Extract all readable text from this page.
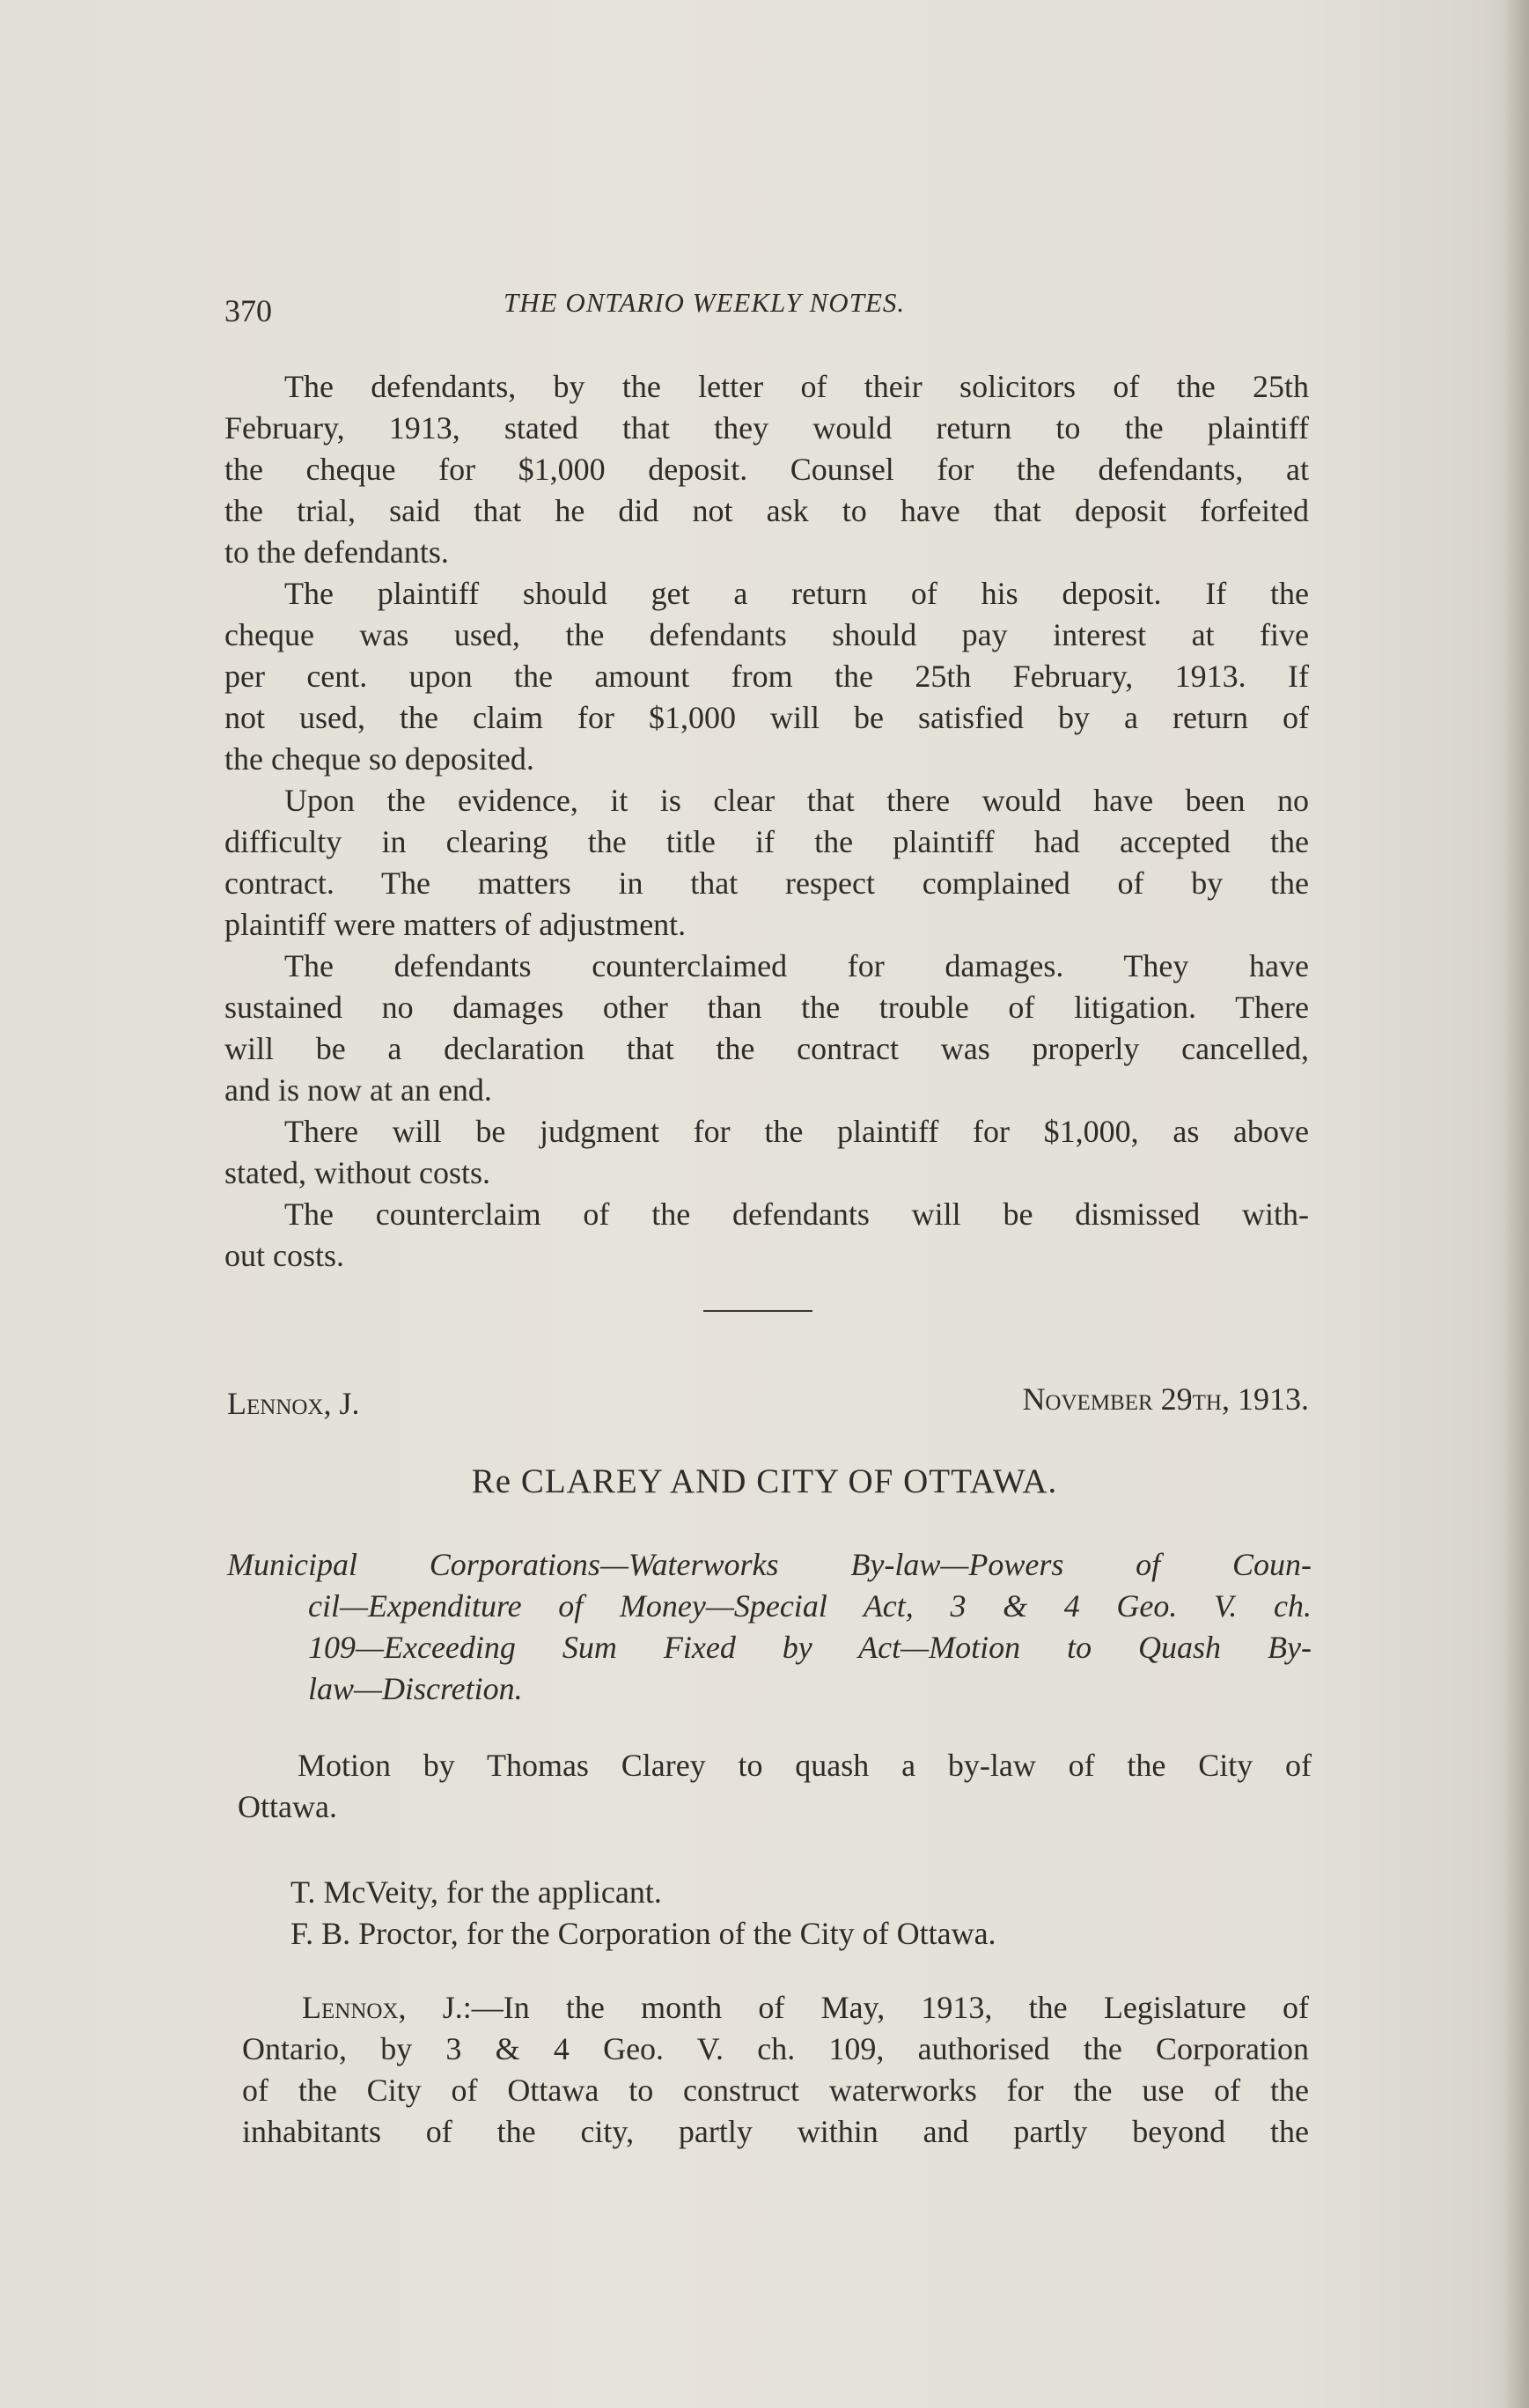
370	THE ONTARIO WEEKLY NOTES.
The defendants, by the letter of their solicitors of the 25th
February, 1913, stated that they would return to the plaintiff
the cheque for $1,000 deposit. Counsel for the defendants, at
the trial, said that he did not ask to have that deposit forfeited
to the defendants.
The plaintiff should get a return of his deposit. If the
cheque was used, the defendants should pay interest at five
per cent. upon the amount from the 25th February, 1913. If
not used, the claim for $1,000 will be satisfied by a return of
the cheque so deposited.
Upon the evidence, it is clear that there would have been no
difficulty in clearing the title if the plaintiff had accepted the
contract. The matters in that respect complained of by the
plaintiff were matters of adjustment.
The defendants counterclaimed for damages. They have
sustained no damages other than the trouble of litigation. There
will be a declaration that the contract was properly cancelled,
and is now at an end.
There will be judgment for the plaintiff for $1,000, as above
stated, without costs.
The counterclaim of the defendants will be dismissed with-
out costs.
Lennox, J.	November 29th, 1913.
Re CLAREY AND CITY OF OTTAWA.
Municipal Corporations—Waterworks By-law—Powers of Coun-
cil—Expenditure of Money—Special Act, 3 & 4 Geo. V. ch.
109—Exceeding Sum Fixed by Act—Motion to Quash By-
law—Discretion.
Motion by Thomas Clarey to quash a by-law of the City of
Ottawa.
T. McVeity, for the applicant.
F. B. Proctor, for the Corporation of the City of Ottawa.
Lennox, J.:—In the month of May, 1913, the Legislature of
Ontario, by 3 & 4 Geo. V. ch. 109, authorised the Corporation
of the City of Ottawa to construct waterworks for the use of the
inhabitants of the city, partly within and partly beyond the
